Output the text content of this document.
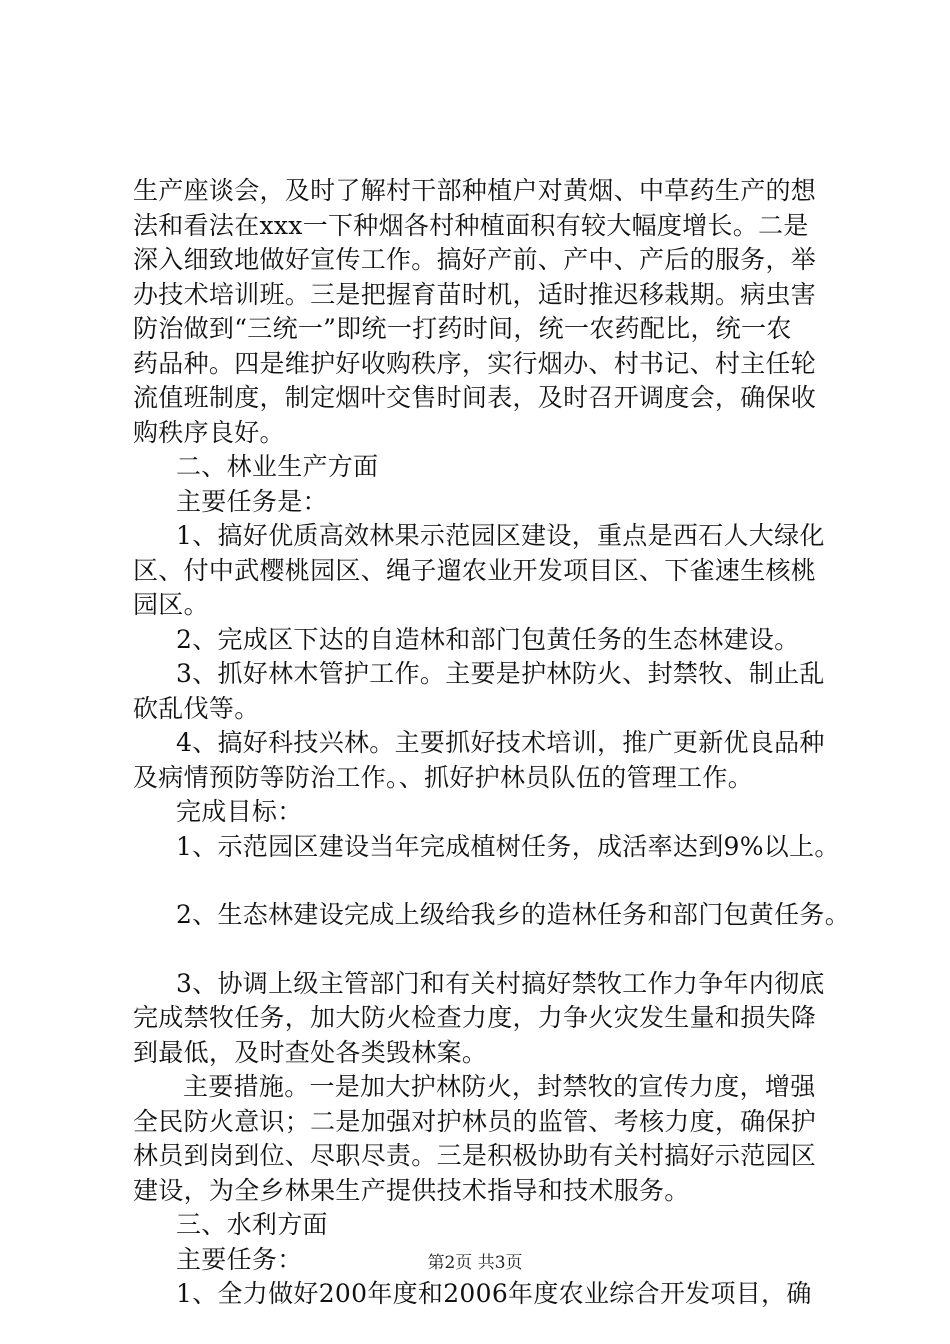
生产座谈会，及时了解村干部种植户对黄烟、中草药生产的想
法和看法在xxx一下种烟各村种植面积有较大幅度增长。二是
深入细致地做好宣传工作。搞好产前、产中、产后的服务，举
办技术培训班。三是把握育苗时机，适时推迟移栽期。病虫害
防治做到“三统一”即统一打药时间，统一农药配比，统一农
药品种。四是维护好收购秩序，实行烟办、村书记、村主任轮
流值班制度，制定烟叶交售时间表，及时召开调度会，确保收
购秩序良好。
二、林业生产方面
主要任务是：
1、搞好优质高效林果示范园区建设，重点是西石人大绿化
区、付中武樱桃园区、绳子遛农业开发项目区、下雀速生核桃
园区。
2、完成区下达的自造林和部门包黄任务的生态林建设。
3、抓好林木管护工作。主要是护林防火、封禁牧、制止乱
砍乱伐等。
4、搞好科技兴林。主要抓好技术培训，推广更新优良品种
及病情预防等防治工作。、抓好护林员队伍的管理工作。
完成目标：
1、示范园区建设当年完成植树任务，成活率达到9%以上。
2、生态林建设完成上级给我乡的造林任务和部门包黄任务。
3、协调上级主管部门和有关村搞好禁牧工作力争年内彻底
完成禁牧任务，加大防火检查力度，力争火灾发生量和损失降
到最低，及时查处各类毁林案。
主要措施。一是加大护林防火，封禁牧的宣传力度，增强
全民防火意识；二是加强对护林员的监管、考核力度，确保护
林员到岗到位、尽职尽责。三是积极协助有关村搞好示范园区
建设，为全乡林果生产提供技术指导和技术服务。
三、水利方面
主要任务：
1、全力做好200年度和2006年度农业综合开发项目，确
第2页 共3页
